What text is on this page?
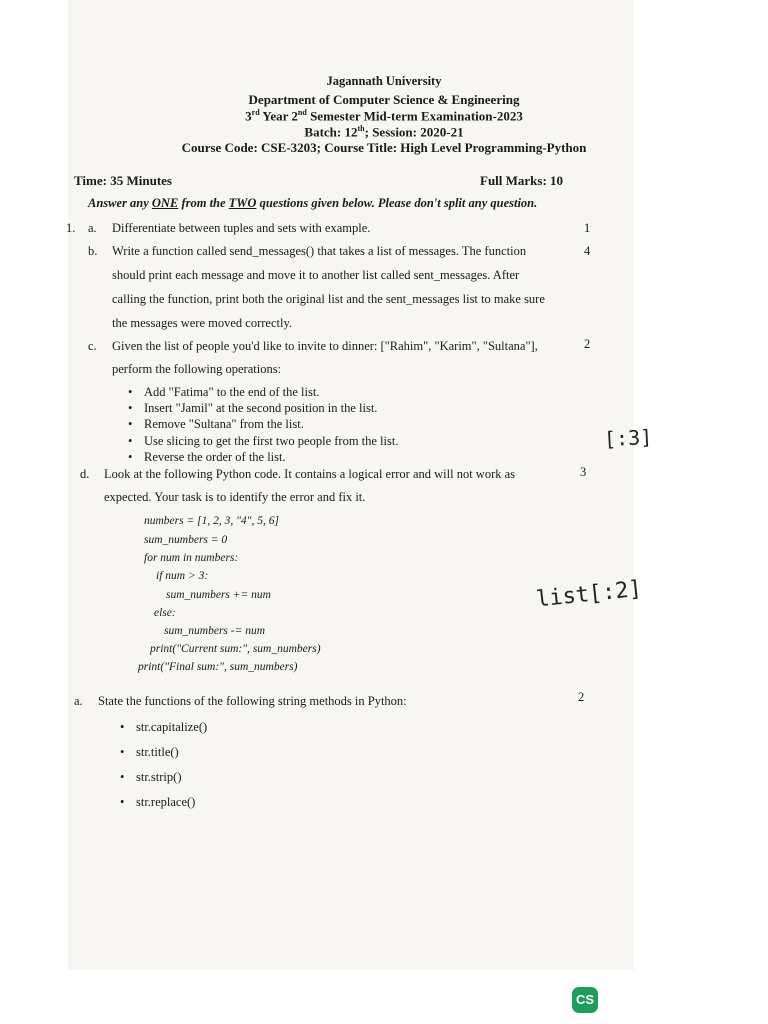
Jagannath University
Department of Computer Science & Engineering
3rd Year 2nd Semester Mid-term Examination-2023
Batch: 12th; Session: 2020-21
Course Code: CSE-3203; Course Title: High Level Programming-Python
Time: 35 Minutes	Full Marks: 10
Answer any ONE from the TWO questions given below. Please don't split any question.
1. a. Differentiate between tuples and sets with example.	1
b. Write a function called send_messages() that takes a list of messages. The function
should print each message and move it to another list called sent_messages. After
calling the function, print both the original list and the sent_messages list to make sure
the messages were moved correctly.
4
c. Given the list of people you'd like to invite to dinner: ["Rahim", "Karim", "Sultana"],
perform the following operations:
2
• Add "Fatima" to the end of the list.
• Insert "Jamil" at the second position in the list.
• Remove "Sultana" from the list.
• Use slicing to get the first two people from the list.
• Reverse the order of the list.
d. Look at the following Python code. It contains a logical error and will not work as
expected. Your task is to identify the error and fix it.
3
numbers = [1, 2, 3, "4", 5, 6]
sum_numbers = 0
for num in numbers:
if num > 3:
sum_numbers += num
else:
sum_numbers -= num
print("Current sum:", sum_numbers)
print("Final sum:", sum_numbers)
a. State the functions of the following string methods in Python:	2
• str.capitalize()
• str.title()
• str.strip()
• str.replace()
[:3]
list[:2]
CS
